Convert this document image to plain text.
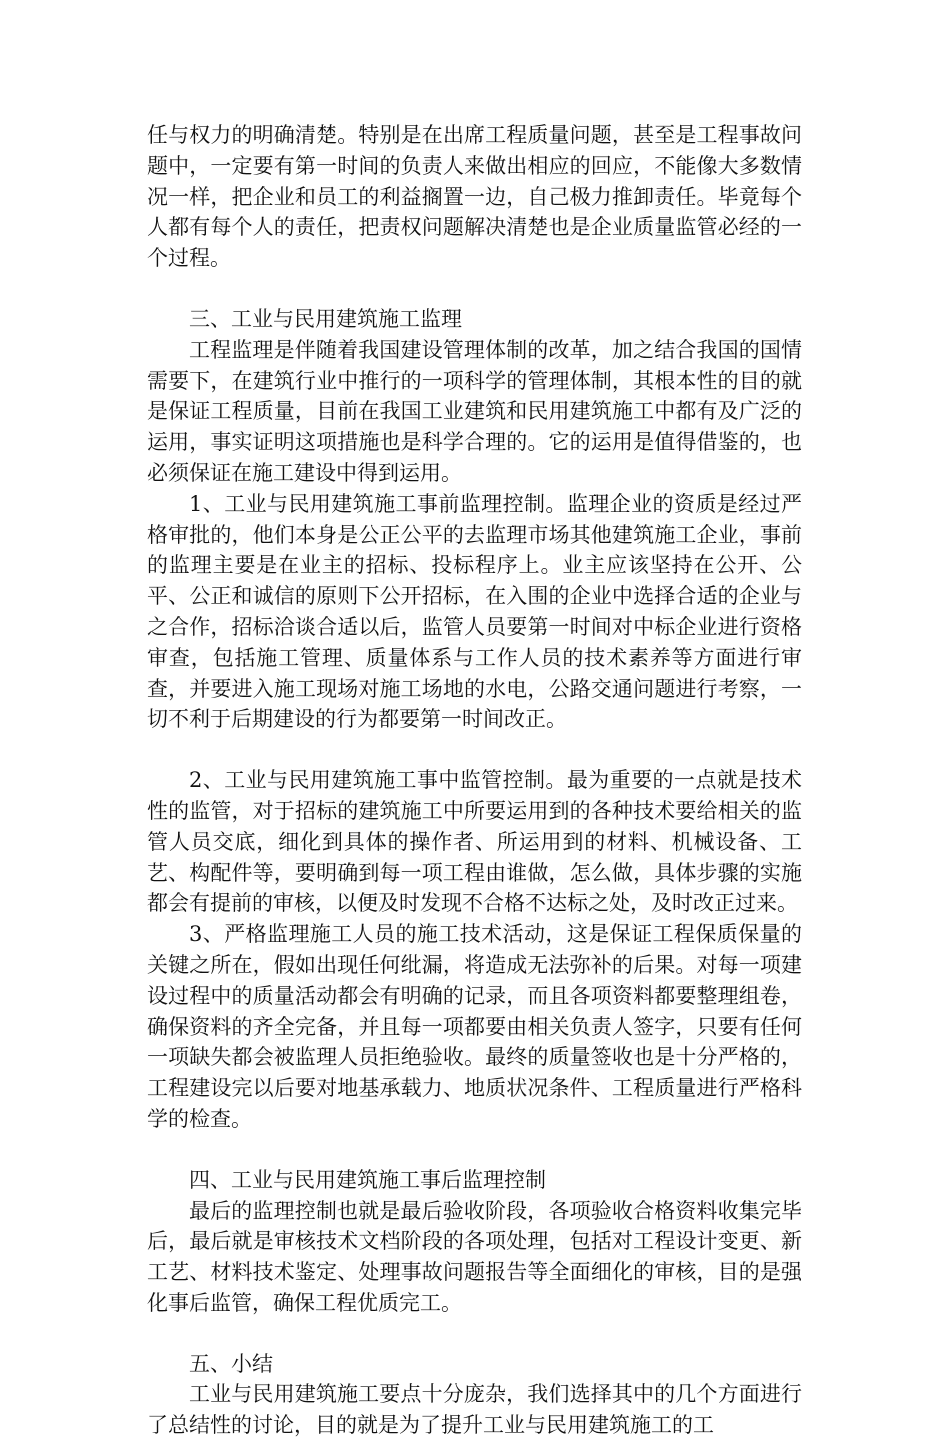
任与权力的明确清楚。特别是在出席工程质量问题，甚至是工程事故问题中，一定要有第一时间的负责人来做出相应的回应，不能像大多数情况一样，把企业和员工的利益搁置一边，自己极力推卸责任。毕竟每个人都有每个人的责任，把责权问题解决清楚也是企业质量监管必经的一个过程。

三、工业与民用建筑施工监理

工程监理是伴随着我国建设管理体制的改革，加之结合我国的国情需要下，在建筑行业中推行的一项科学的管理体制，其根本性的目的就是保证工程质量，目前在我国工业建筑和民用建筑施工中都有及广泛的运用，事实证明这项措施也是科学合理的。它的运用是值得借鉴的，也必须保证在施工建设中得到运用。

1、工业与民用建筑施工事前监理控制。监理企业的资质是经过严格审批的，他们本身是公正公平的去监理市场其他建筑施工企业，事前的监理主要是在业主的招标、投标程序上。业主应该坚持在公开、公平、公正和诚信的原则下公开招标，在入围的企业中选择合适的企业与之合作，招标洽谈合适以后，监管人员要第一时间对中标企业进行资格审查，包括施工管理、质量体系与工作人员的技术素养等方面进行审查，并要进入施工现场对施工场地的水电，公路交通问题进行考察，一切不利于后期建设的行为都要第一时间改正。

2、工业与民用建筑施工事中监管控制。最为重要的一点就是技术性的监管，对于招标的建筑施工中所要运用到的各种技术要给相关的监管人员交底，细化到具体的操作者、所运用到的材料、机械设备、工艺、构配件等，要明确到每一项工程由谁做，怎么做，具体步骤的实施都会有提前的审核，以便及时发现不合格不达标之处，及时改正过来。

3、严格监理施工人员的施工技术活动，这是保证工程保质保量的关键之所在，假如出现任何纰漏，将造成无法弥补的后果。对每一项建设过程中的质量活动都会有明确的记录，而且各项资料都要整理组卷，确保资料的齐全完备，并且每一项都要由相关负责人签字，只要有任何一项缺失都会被监理人员拒绝验收。最终的质量签收也是十分严格的，工程建设完以后要对地基承载力、地质状况条件、工程质量进行严格科学的检查。

四、工业与民用建筑施工事后监理控制

最后的监理控制也就是最后验收阶段，各项验收合格资料收集完毕后，最后就是审核技术文档阶段的各项处理，包括对工程设计变更、新工艺、材料技术鉴定、处理事故问题报告等全面细化的审核，目的是强化事后监管，确保工程优质完工。

五、小结

工业与民用建筑施工要点十分庞杂，我们选择其中的几个方面进行了总结性的讨论，目的就是为了提升工业与民用建筑施工的工
